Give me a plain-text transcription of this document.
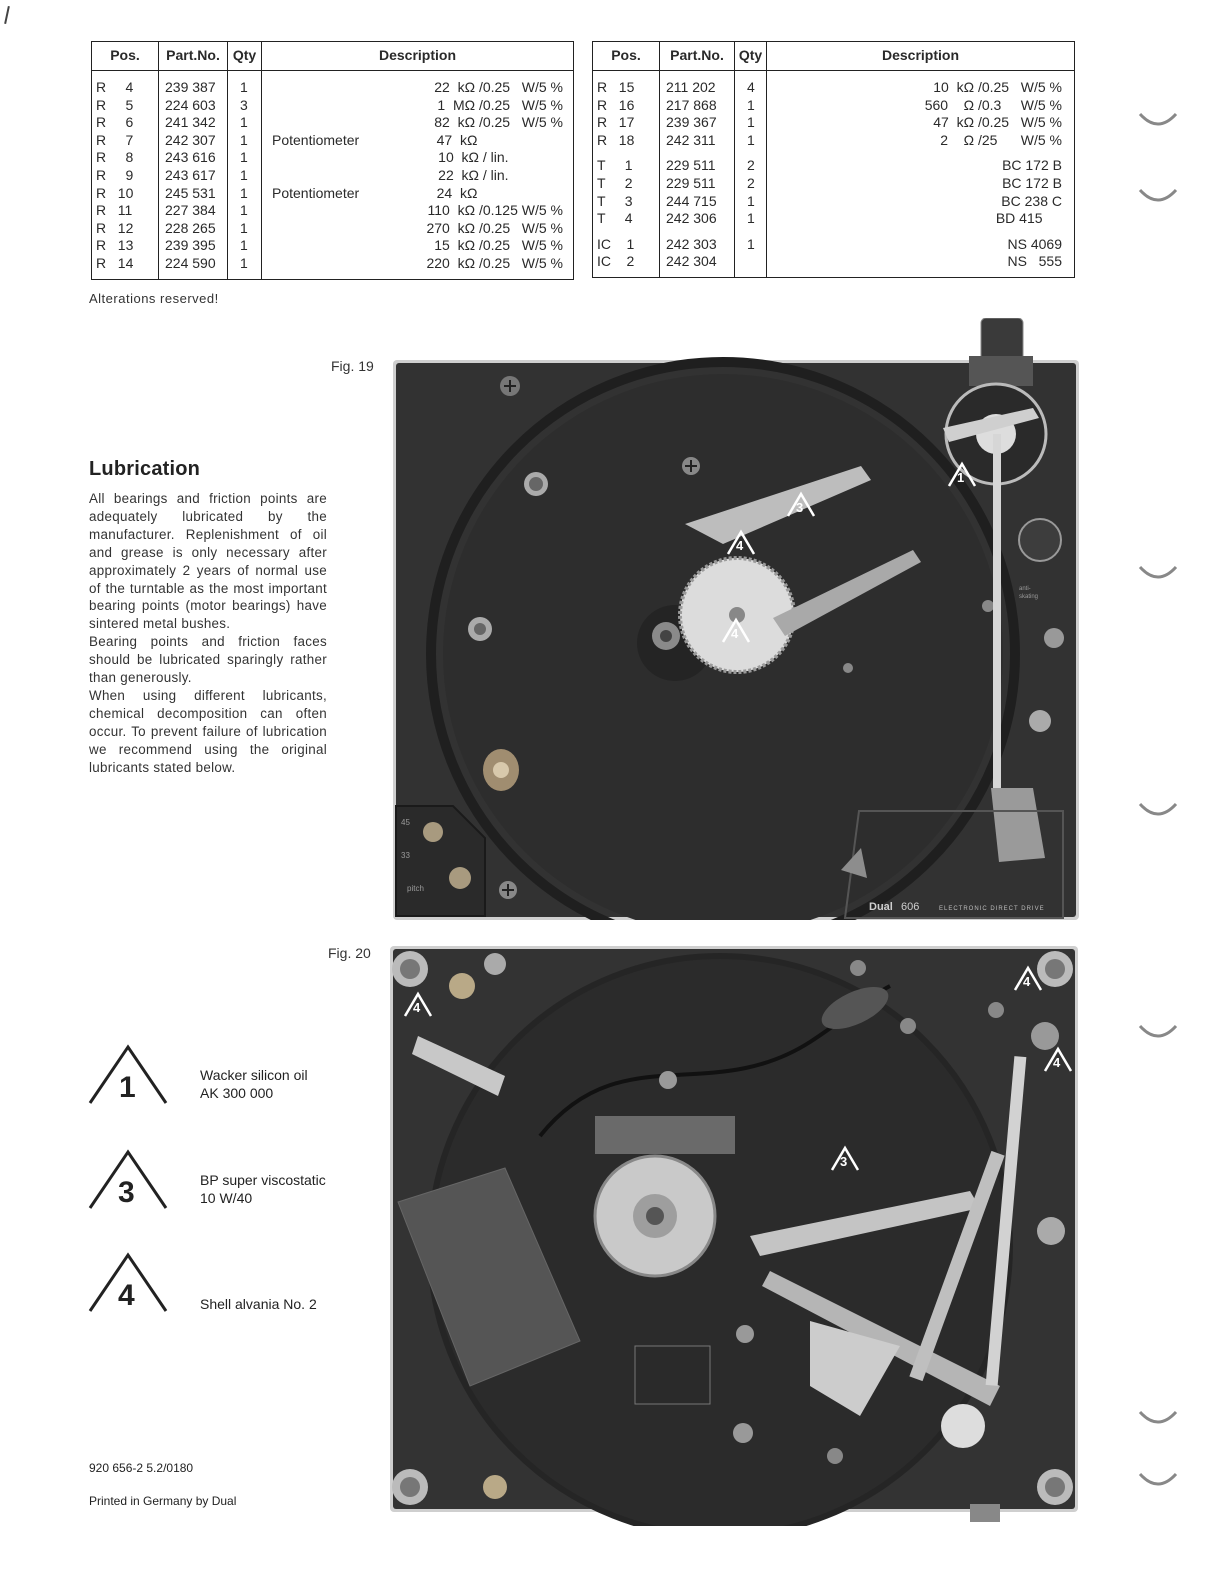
Pos.	Part.No.	Qty	Description	
R     4	239 387	1		22  kΩ /0.25   W/5 %
R     5	224 603	3		1  MΩ /0.25   W/5 %
R     6	241 342	1		82  kΩ /0.25   W/5 %
R     7	242 307	1	Potentiometer	47  kΩ
R     8	243 616	1		10  kΩ / lin.
R     9	243 617	1		22  kΩ / lin.
R   10	245 531	1	Potentiometer	24  kΩ
R   11	227 384	1		110  kΩ /0.125 W/5 %
R   12	228 265	1		270  kΩ /0.25   W/5 %
R   13	239 395	1		15  kΩ /0.25   W/5 %
R   14	224 590	1		220  kΩ /0.25   W/5 %
Pos.	Part.No.	Qty	Description
R   15	211 202	4	10  kΩ /0.25   W/5 %
R   16	217 868	1	560    Ω /0.3     W/5 %
R   17	239 367	1	47  kΩ /0.25   W/5 %
R   18	242 311	1	2    Ω /25      W/5 %
T     1	229 511	2	BC 172 B
T     2	229 511	2	BC 172 B
T     3	244 715	1	BC 238 C
T     4	242 306	1	BD 415
IC    1	242 303	1	NS 4069
IC    2	242 304		NS   555
Alterations reserved!
Fig. 19
45
33
pitch
anti-
skating
Dual 606	ELECTRONIC DIRECT DRIVE
1
3
4
4
Lubrication

All bearings and friction points are adequately lubricated by the manufacturer. Replenishment of oil and grease is only necessary after approximately 2 years of normal use of the turntable as the most important bearing points (motor bearings) have sintered metal bushes.

Bearing points and friction faces should be lubricated sparingly rather than generously.

When using different lubricants, chemical decomposition can often occur. To prevent failure of lubrication we recommend using the original lubricants stated below.

Fig. 20
4
3
4
4
1	Wacker silicon oil
AK 300 000
3	BP super viscostatic
10 W/40
4	Shell alvania No. 2
920 656-2 5.2/0180
Printed in Germany by Dual
